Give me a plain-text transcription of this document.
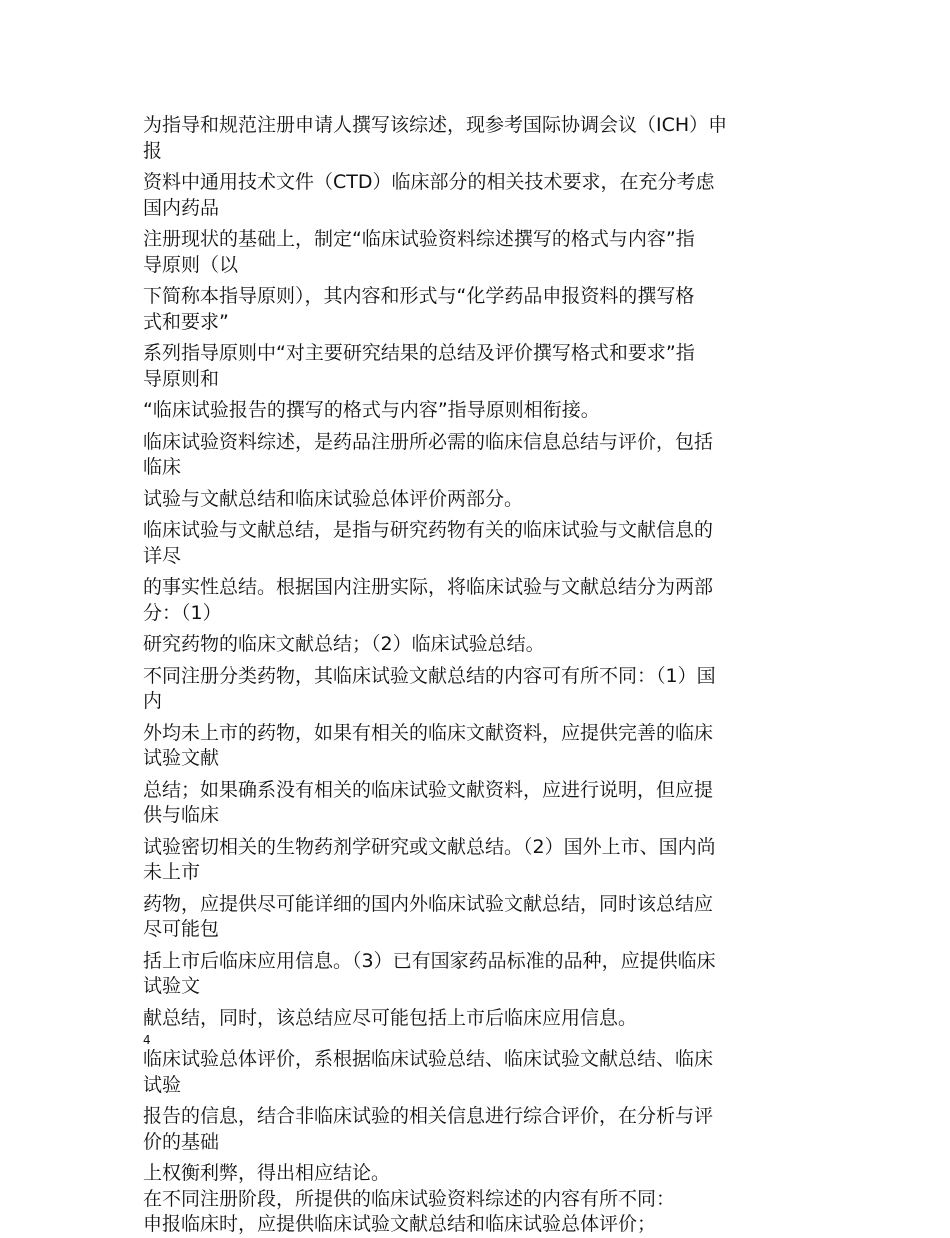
为指导和规范注册申请人撰写该综述，现参考国际协调会议（ICH）申
报
资料中通用技术文件（CTD）临床部分的相关技术要求，在充分考虑
国内药品
注册现状的基础上，制定“临床试验资料综述撰写的格式与内容”指
导原则（以
下简称本指导原则），其内容和形式与“化学药品申报资料的撰写格
式和要求”
系列指导原则中“对主要研究结果的总结及评价撰写格式和要求”指
导原则和
“临床试验报告的撰写的格式与内容”指导原则相衔接。
临床试验资料综述，是药品注册所必需的临床信息总结与评价，包括
临床
试验与文献总结和临床试验总体评价两部分。
临床试验与文献总结，是指与研究药物有关的临床试验与文献信息的
详尽
的事实性总结。根据国内注册实际，将临床试验与文献总结分为两部
分：（1）
研究药物的临床文献总结；（2）临床试验总结。
不同注册分类药物，其临床试验文献总结的内容可有所不同：（1）国
内
外均未上市的药物，如果有相关的临床文献资料，应提供完善的临床
试验文献
总结；如果确系没有相关的临床试验文献资料，应进行说明，但应提
供与临床
试验密切相关的生物药剂学研究或文献总结。（2）国外上市、国内尚
未上市
药物，应提供尽可能详细的国内外临床试验文献总结，同时该总结应
尽可能包
括上市后临床应用信息。（3）已有国家药品标准的品种，应提供临床
试验文
献总结，同时，该总结应尽可能包括上市后临床应用信息。
4
临床试验总体评价，系根据临床试验总结、临床试验文献总结、临床
试验
报告的信息，结合非临床试验的相关信息进行综合评价，在分析与评
价的基础
上权衡利弊，得出相应结论。
在不同注册阶段，所提供的临床试验资料综述的内容有所不同：
申报临床时，应提供临床试验文献总结和临床试验总体评价；
